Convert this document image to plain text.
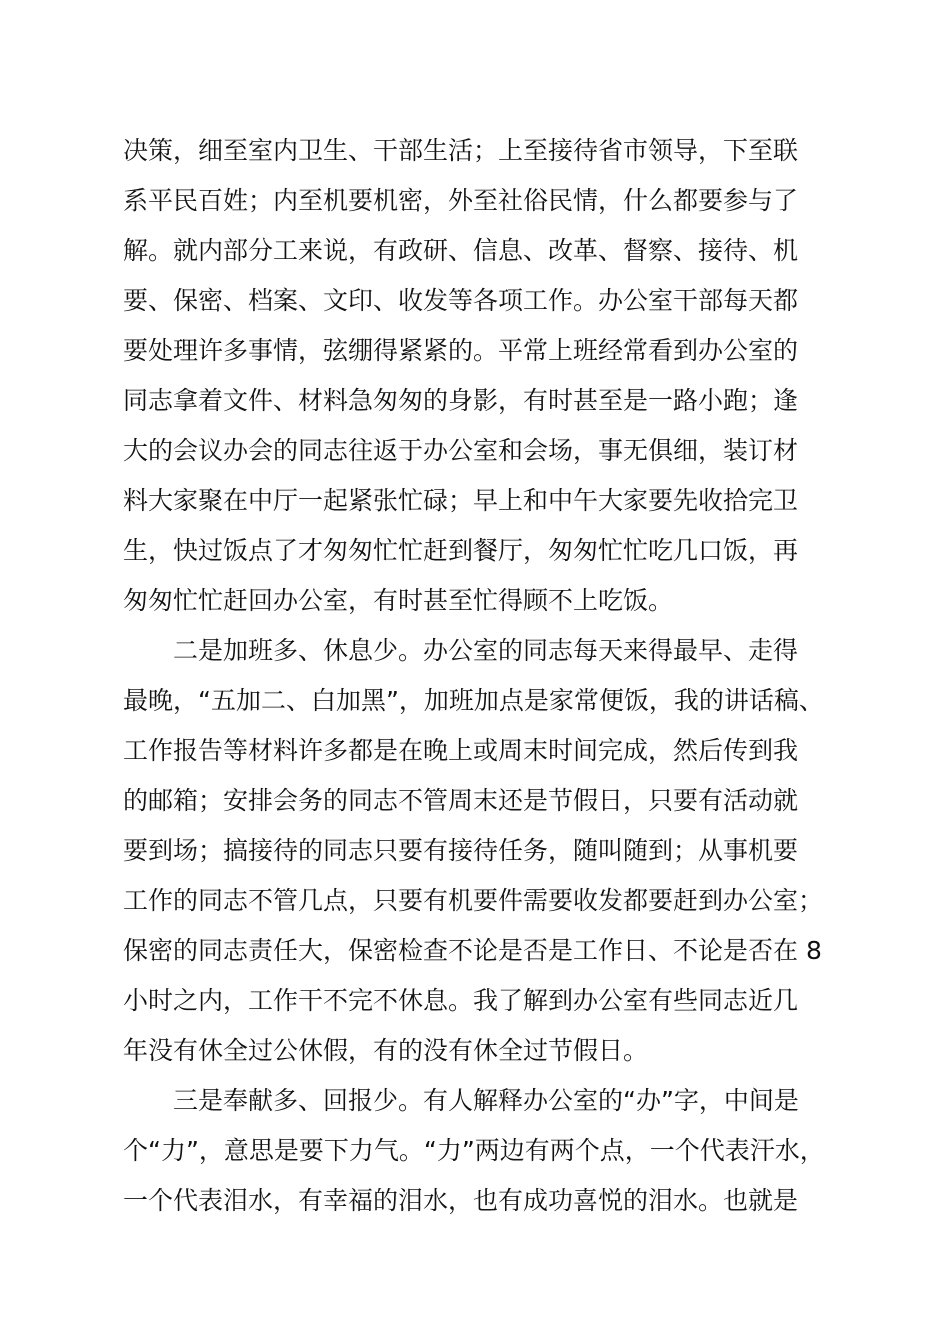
决策，细至室内卫生、干部生活；上至接待省市领导，下至联
系平民百姓；内至机要机密，外至社俗民情，什么都要参与了
解。就内部分工来说，有政研、信息、改革、督察、接待、机
要、保密、档案、文印、收发等各项工作。办公室干部每天都
要处理许多事情，弦绷得紧紧的。平常上班经常看到办公室的
同志拿着文件、材料急匆匆的身影，有时甚至是一路小跑；逢
大的会议办会的同志往返于办公室和会场，事无俱细，装订材
料大家聚在中厅一起紧张忙碌；早上和中午大家要先收拾完卫
生，快过饭点了才匆匆忙忙赶到餐厅，匆匆忙忙吃几口饭，再
匆匆忙忙赶回办公室，有时甚至忙得顾不上吃饭。
二是加班多、休息少。办公室的同志每天来得最早、走得
最晚，“五加二、白加黑”，加班加点是家常便饭，我的讲话稿、
工作报告等材料许多都是在晚上或周末时间完成，然后传到我
的邮箱；安排会务的同志不管周末还是节假日，只要有活动就
要到场；搞接待的同志只要有接待任务，随叫随到；从事机要
工作的同志不管几点，只要有机要件需要收发都要赶到办公室；
保密的同志责任大，保密检查不论是否是工作日、不论是否在 8
小时之内，工作干不完不休息。我了解到办公室有些同志近几
年没有休全过公休假，有的没有休全过节假日。
三是奉献多、回报少。有人解释办公室的“办”字，中间是
个“力”，意思是要下力气。“力”两边有两个点，一个代表汗水，
一个代表泪水，有幸福的泪水，也有成功喜悦的泪水。也就是
